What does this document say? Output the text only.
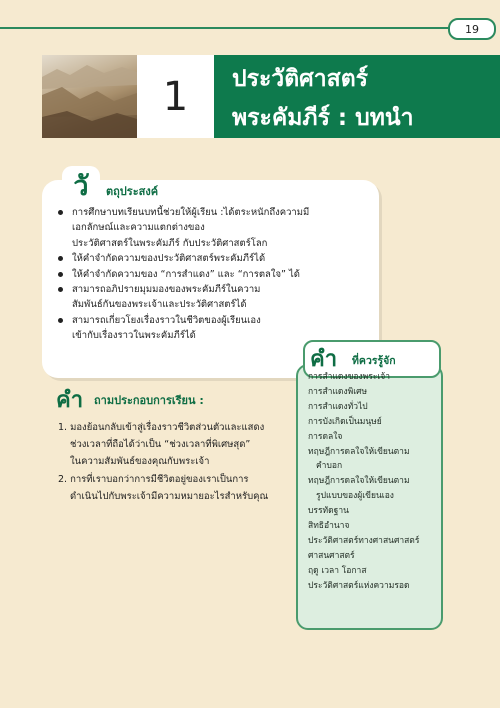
19
1	ประวัติศาสตร์
พระคัมภีร์ : บทนำ
วั	ตถุประสงค์
การศึกษาบทเรียนบทนี้ช่วยให้ผู้เรียน :ได้ตระหนักถึงความมี
เอกลักษณ์และความแตกต่างของ
ประวัติศาสตร์ในพระคัมภีร์ กับประวัติศาสตร์โลก
ให้คำจำกัดความของประวัติศาสตร์พระคัมภีร์ได้
ให้คำจำกัดความของ “การสำแดง” และ “การตลใจ” ได้
สามารถอภิปรายมุมมองของพระคัมภีร์ในความ
สัมพันธ์กันของพระเจ้าและประวัติศาสตร์ได้
สามารถเกี่ยวโยงเรื่องราวในชีวิตของผู้เรียนเอง
เข้ากับเรื่องราวในพระคัมภีร์ได้
คำ ถามประกอบการเรียน :
1. มองย้อนกลับเข้าสู่เรื่องราวชีวิตส่วนตัวและแสดง
ช่วงเวลาที่ถือได้ว่าเป็น “ช่วงเวลาที่พิเศษสุด”
ในความสัมพันธ์ของคุณกับพระเจ้า
2. การที่เราบอกว่าการมีชีวิตอยู่ของเราเป็นการ
ดำเนินไปกับพระเจ้ามีความหมายอะไรสำหรับคุณ
คำ ที่ควรรู้จัก
การสำแดงของพระเจ้า
การสำแดงพิเศษ
การสำแดงทั่วไป
การบังเกิดเป็นมนุษย์
การดลใจ
ทฤษฎีการดลใจให้เขียนตาม
คำบอก
ทฤษฎีการดลใจให้เขียนตาม
รูปแบบของผู้เขียนเอง
บรรทัดฐาน
สิทธิอำนาจ
ประวัติศาสตร์ทางศาสนศาสตร์
ศาสนศาสตร์
ฤดู เวลา โอกาส
ประวัติศาสตร์แห่งความรอด
